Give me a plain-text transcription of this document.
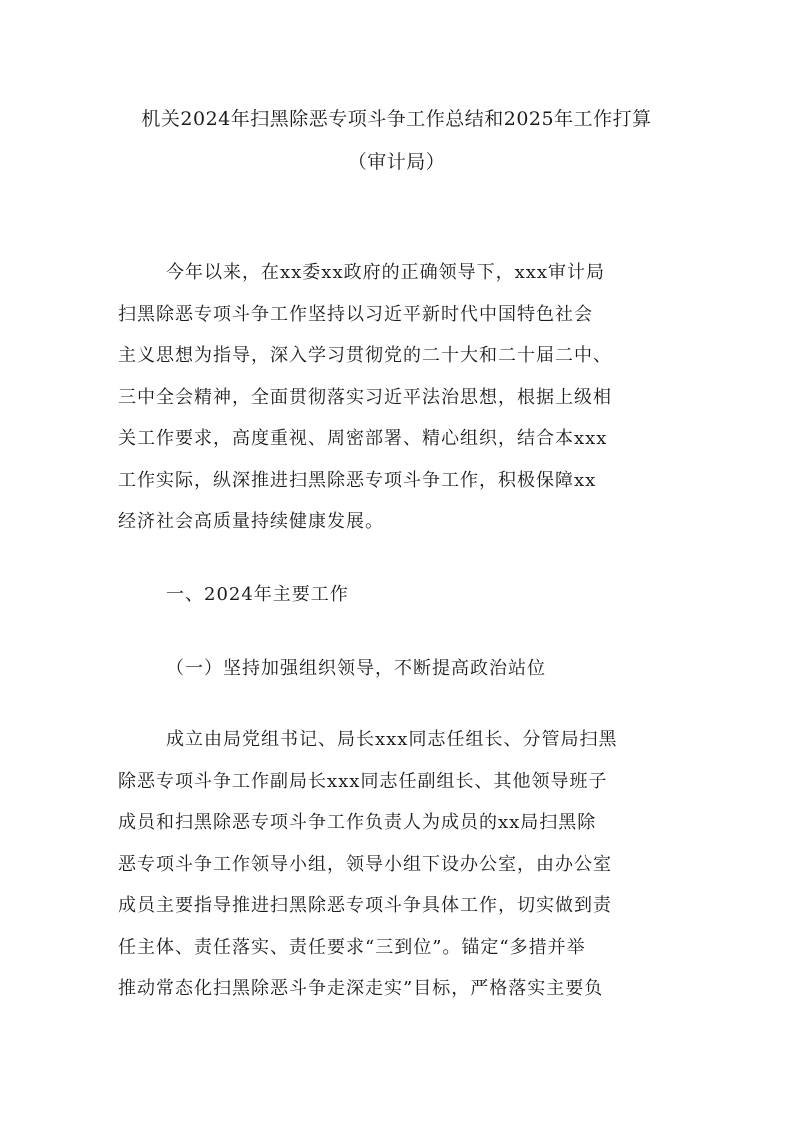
机关2024年扫黑除恶专项斗争工作总结和2025年工作打算
（审计局）
今年以来，在xx委xx政府的正确领导下，xxx审计局
扫黑除恶专项斗争工作坚持以习近平新时代中国特色社会
主义思想为指导，深入学习贯彻党的二十大和二十届二中、
三中全会精神，全面贯彻落实习近平法治思想，根据上级相
关工作要求，高度重视、周密部署、精心组织，结合本xxx
工作实际，纵深推进扫黑除恶专项斗争工作，积极保障xx
经济社会高质量持续健康发展。
一、2024年主要工作
（一）坚持加强组织领导，不断提高政治站位
成立由局党组书记、局长xxx同志任组长、分管局扫黑
除恶专项斗争工作副局长xxx同志任副组长、其他领导班子
成员和扫黑除恶专项斗争工作负责人为成员的xx局扫黑除
恶专项斗争工作领导小组，领导小组下设办公室，由办公室
成员主要指导推进扫黑除恶专项斗争具体工作，切实做到责
任主体、责任落实、责任要求“三到位”。锚定“多措并举
推动常态化扫黑除恶斗争走深走实”目标，严格落实主要负
